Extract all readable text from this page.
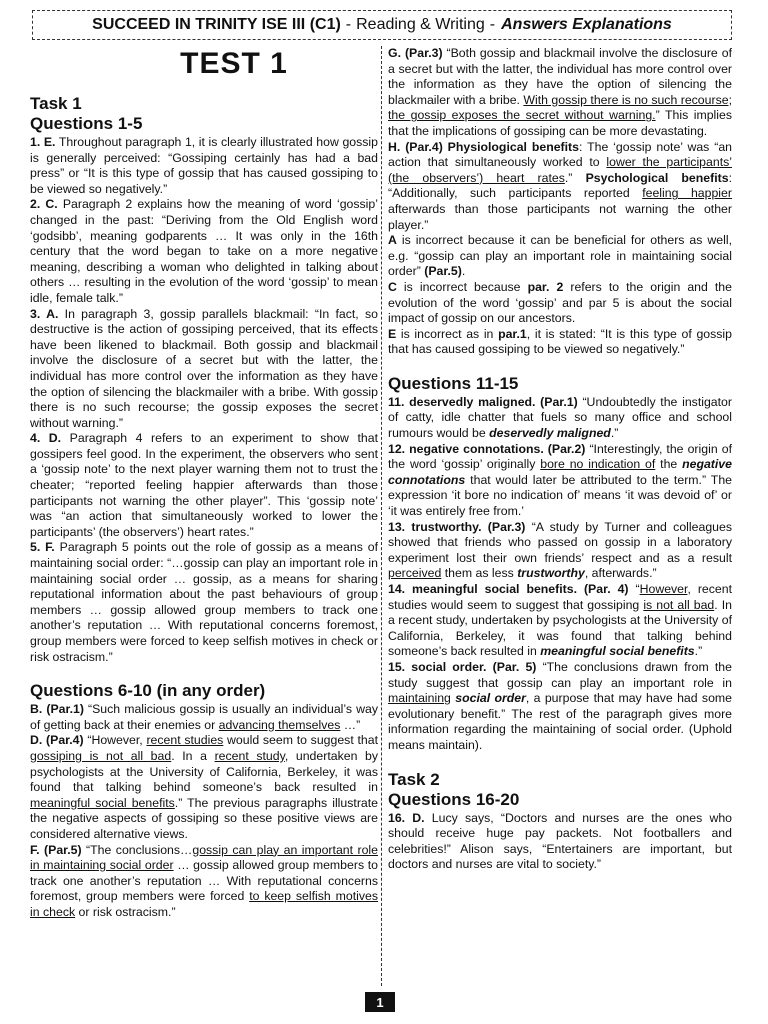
SUCCEED IN TRINITY ISE III (C1) - Reading & Writing - Answers Explanations
TEST 1
Task 1
Questions 1-5

1. E. Throughout paragraph 1, it is clearly illustrated how gossip is generally perceived: “Gossiping certainly has had a bad press” or “It is this type of gossip that has caused gossiping to be viewed so negatively.”

2. C. Paragraph 2 explains how the meaning of word ‘gossip’ changed in the past: “Deriving from the Old English word ‘godsibb’, meaning godparents … It was only in the 16th century that the word began to take on a more negative meaning, describing a woman who delighted in talking about others … resulting in the evolution of the word ‘gossip’ to mean idle, female talk.”

3. A. In paragraph 3, gossip parallels blackmail: “In fact, so destructive is the action of gossiping perceived, that its effects have been likened to blackmail. Both gossip and blackmail involve the disclosure of a secret but with the latter, the individual has more control over the information as they have the option of silencing the blackmailer with a bribe. With gossip there is no such recourse; the gossip exposes the secret without warning.”

4. D. Paragraph 4 refers to an experiment to show that gossipers feel good. In the experiment, the observers who sent a ‘gossip note’ to the next player warning them not to trust the cheater; “reported feeling happier afterwards than those participants not warning the other player”. This ‘gossip note’ was “an action that simultaneously worked to lower the participants’ (the observers’) heart rates.”

5. F. Paragraph 5 points out the role of gossip as a means of maintaining social order: “…gossip can play an important role in maintaining social order … gossip, as a means for sharing reputational information about the past behaviours of group members … gossip allowed group members to track one another’s reputation … With reputational concerns foremost, group members were forced to keep selfish motives in check or risk ostracism.”

Questions 6-10 (in any order)

B. (Par.1) “Such malicious gossip is usually an individual’s way of getting back at their enemies or advancing themselves …”

D. (Par.4) “However, recent studies would seem to suggest that gossiping is not all bad. In a recent study, undertaken by psychologists at the University of California, Berkeley, it was found that talking behind someone’s back resulted in meaningful social benefits.” The previous paragraphs illustrate the negative aspects of gossiping so these positive views are considered alternative views.

F. (Par.5) “The conclusions…gossip can play an important role in maintaining social order … gossip allowed group members to track one another’s reputation … With reputational concerns foremost, group members were forced to keep selfish motives in check or risk ostracism.”

G. (Par.3) “Both gossip and blackmail involve the disclosure of a secret but with the latter, the individual has more control over the information as they have the option of silencing the blackmailer with a bribe. With gossip there is no such recourse; the gossip exposes the secret without warning.” This implies that the implications of gossiping can be more devastating.

H. (Par.4) Physiological benefits: The ‘gossip note’ was “an action that simultaneously worked to lower the participants’ (the observers’) heart rates.” Psychological benefits: “Additionally, such participants reported feeling happier afterwards than those participants not warning the other player.”

A is incorrect because it can be beneficial for others as well, e.g. “gossip can play an important role in maintaining social order” (Par.5).

C is incorrect because par. 2 refers to the origin and the evolution of the word ‘gossip’ and par 5 is about the social impact of gossip on our ancestors.

E is incorrect as in par.1, it is stated: “It is this type of gossip that has caused gossiping to be viewed so negatively.”

Questions 11-15

11. deservedly maligned. (Par.1) “Undoubtedly the instigator of catty, idle chatter that fuels so many office and school rumours would be deservedly maligned.”

12. negative connotations. (Par.2) “Interestingly, the origin of the word ‘gossip’ originally bore no indication of the negative connotations that would later be attributed to the term.” The expression ‘it bore no indication of’ means ‘it was devoid of’ or ‘it was entirely free from.’

13. trustworthy. (Par.3) “A study by Turner and colleagues showed that friends who passed on gossip in a laboratory experiment lost their own friends’ respect and as a result perceived them as less trustworthy, afterwards.”

14. meaningful social benefits. (Par. 4) “However, recent studies would seem to suggest that gossiping is not all bad. In a recent study, undertaken by psychologists at the University of California, Berkeley, it was found that talking behind someone’s back resulted in meaningful social benefits.”

15. social order. (Par. 5) “The conclusions drawn from the study suggest that gossip can play an important role in maintaining social order, a purpose that may have had some evolutionary benefit.” The rest of the paragraph gives more information regarding the maintaining of social order. (Uphold means maintain).

Task 2
Questions 16-20

16. D. Lucy says, “Doctors and nurses are the ones who should receive huge pay packets. Not footballers and celebrities!” Alison says, “Entertainers are important, but doctors and nurses are vital to society.”

1
